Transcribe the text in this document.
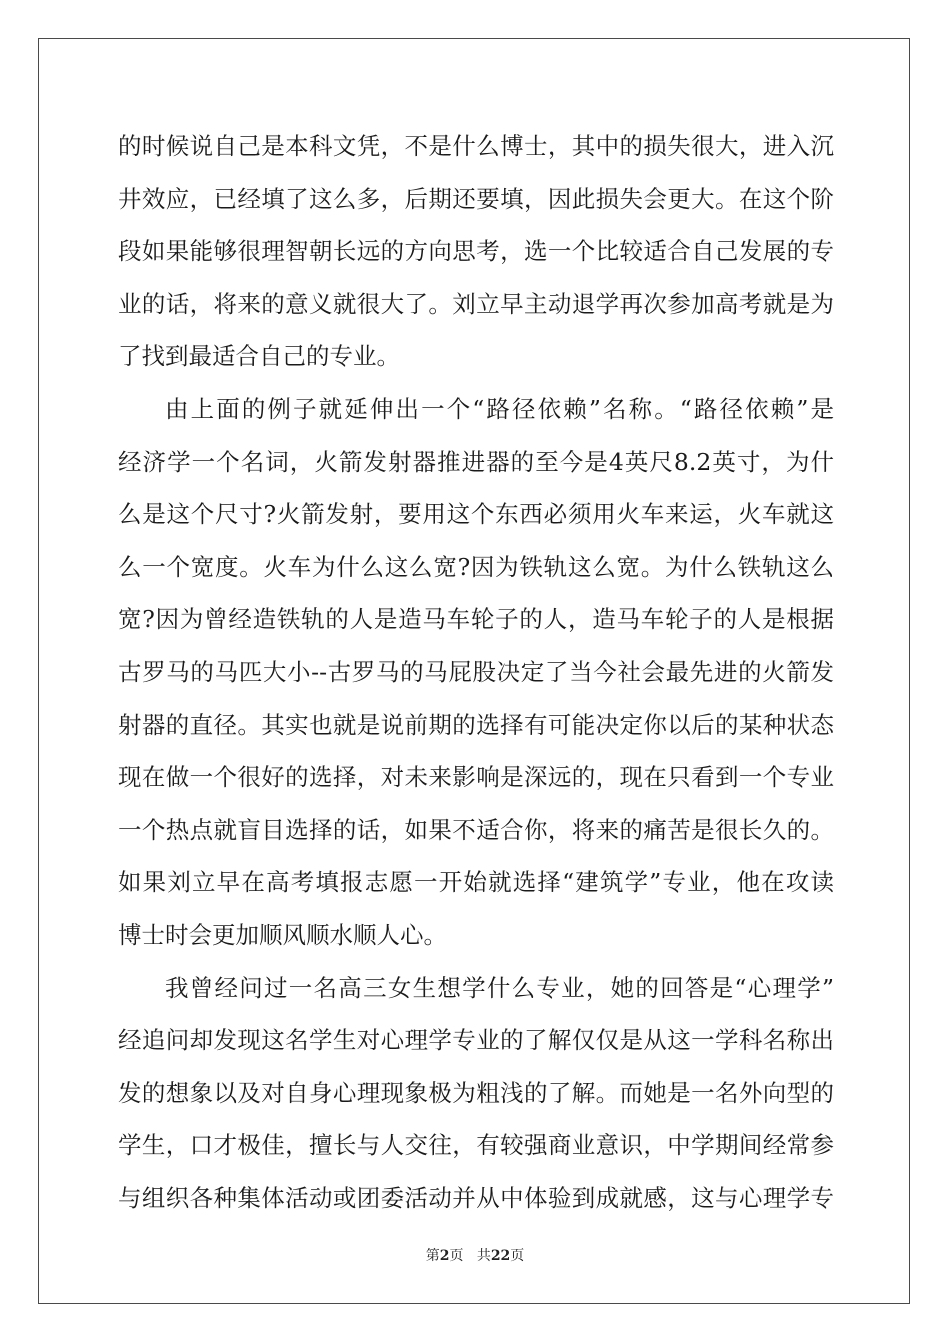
的时候说自己是本科文凭，不是什么博士，其中的损失很大，进入沉
井效应，已经填了这么多，后期还要填，因此损失会更大。在这个阶
段如果能够很理智朝长远的方向思考，选一个比较适合自己发展的专
业的话，将来的意义就很大了。刘立早主动退学再次参加高考就是为
了找到最适合自己的专业。
由上面的例子就延伸出一个“路径依赖”名称。“路径依赖”是
经济学一个名词，火箭发射器推进器的至今是4英尺8.2英寸，为什
么是这个尺寸?火箭发射，要用这个东西必须用火车来运，火车就这
么一个宽度。火车为什么这么宽?因为铁轨这么宽。为什么铁轨这么
宽?因为曾经造铁轨的人是造马车轮子的人，造马车轮子的人是根据
古罗马的马匹大小--古罗马的马屁股决定了当今社会最先进的火箭发
射器的直径。其实也就是说前期的选择有可能决定你以后的某种状态
现在做一个很好的选择，对未来影响是深远的，现在只看到一个专业
一个热点就盲目选择的话，如果不适合你，将来的痛苦是很长久的。
如果刘立早在高考填报志愿一开始就选择“建筑学”专业，他在攻读
博士时会更加顺风顺水顺人心。
我曾经问过一名高三女生想学什么专业，她的回答是“心理学”
经追问却发现这名学生对心理学专业的了解仅仅是从这一学科名称出
发的想象以及对自身心理现象极为粗浅的了解。而她是一名外向型的
学生，口才极佳，擅长与人交往，有较强商业意识，中学期间经常参
与组织各种集体活动或团委活动并从中体验到成就感，这与心理学专
第2页 共22页
